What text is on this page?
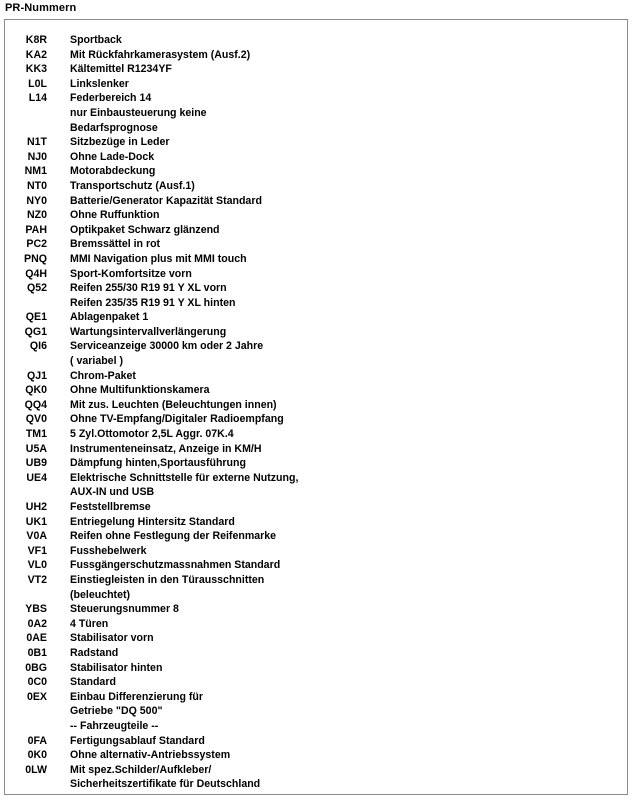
PR-Nummern
K8R	Sportback
KA2	Mit Rückfahrkamerasystem (Ausf.2)
KK3	Kältemittel R1234YF
L0L	Linkslenker
L14	Federbereich 14
nur Einbausteuerung keine
Bedarfsprognose
N1T	Sitzbezüge in Leder
NJ0	Ohne Lade-Dock
NM1	Motorabdeckung
NT0	Transportschutz (Ausf.1)
NY0	Batterie/Generator Kapazität Standard
NZ0	Ohne Ruffunktion
PAH	Optikpaket Schwarz glänzend
PC2	Bremssättel in rot
PNQ	MMI Navigation plus mit MMI touch
Q4H	Sport-Komfortsitze vorn
Q52	Reifen 255/30 R19 91 Y XL vorn
Reifen 235/35 R19 91 Y XL hinten
QE1	Ablagenpaket 1
QG1	Wartungsintervallverlängerung
QI6	Serviceanzeige 30000 km oder 2 Jahre
( variabel )
QJ1	Chrom-Paket
QK0	Ohne Multifunktionskamera
QQ4	Mit zus. Leuchten (Beleuchtungen innen)
QV0	Ohne TV-Empfang/Digitaler Radioempfang
TM1	5 Zyl.Ottomotor 2,5L Aggr. 07K.4
U5A	Instrumenteneinsatz, Anzeige in KM/H
UB9	Dämpfung hinten,Sportausführung
UE4	Elektrische Schnittstelle für externe Nutzung,
AUX-IN und USB
UH2	Feststellbremse
UK1	Entriegelung Hintersitz Standard
V0A	Reifen ohne Festlegung der Reifenmarke
VF1	Fusshebelwerk
VL0	Fussgängerschutzmassnahmen Standard
VT2	Einstiegleisten in den Türausschnitten
(beleuchtet)
YBS	Steuerungsnummer 8
0A2	4 Türen
0AE	Stabilisator vorn
0B1	Radstand
0BG	Stabilisator hinten
0C0	Standard
0EX	Einbau Differenzierung für
Getriebe "DQ 500"
-- Fahrzeugteile --
0FA	Fertigungsablauf Standard
0K0	Ohne alternativ-Antriebssystem
0LW	Mit spez.Schilder/Aufkleber/
Sicherheitszertifikate für Deutschland
